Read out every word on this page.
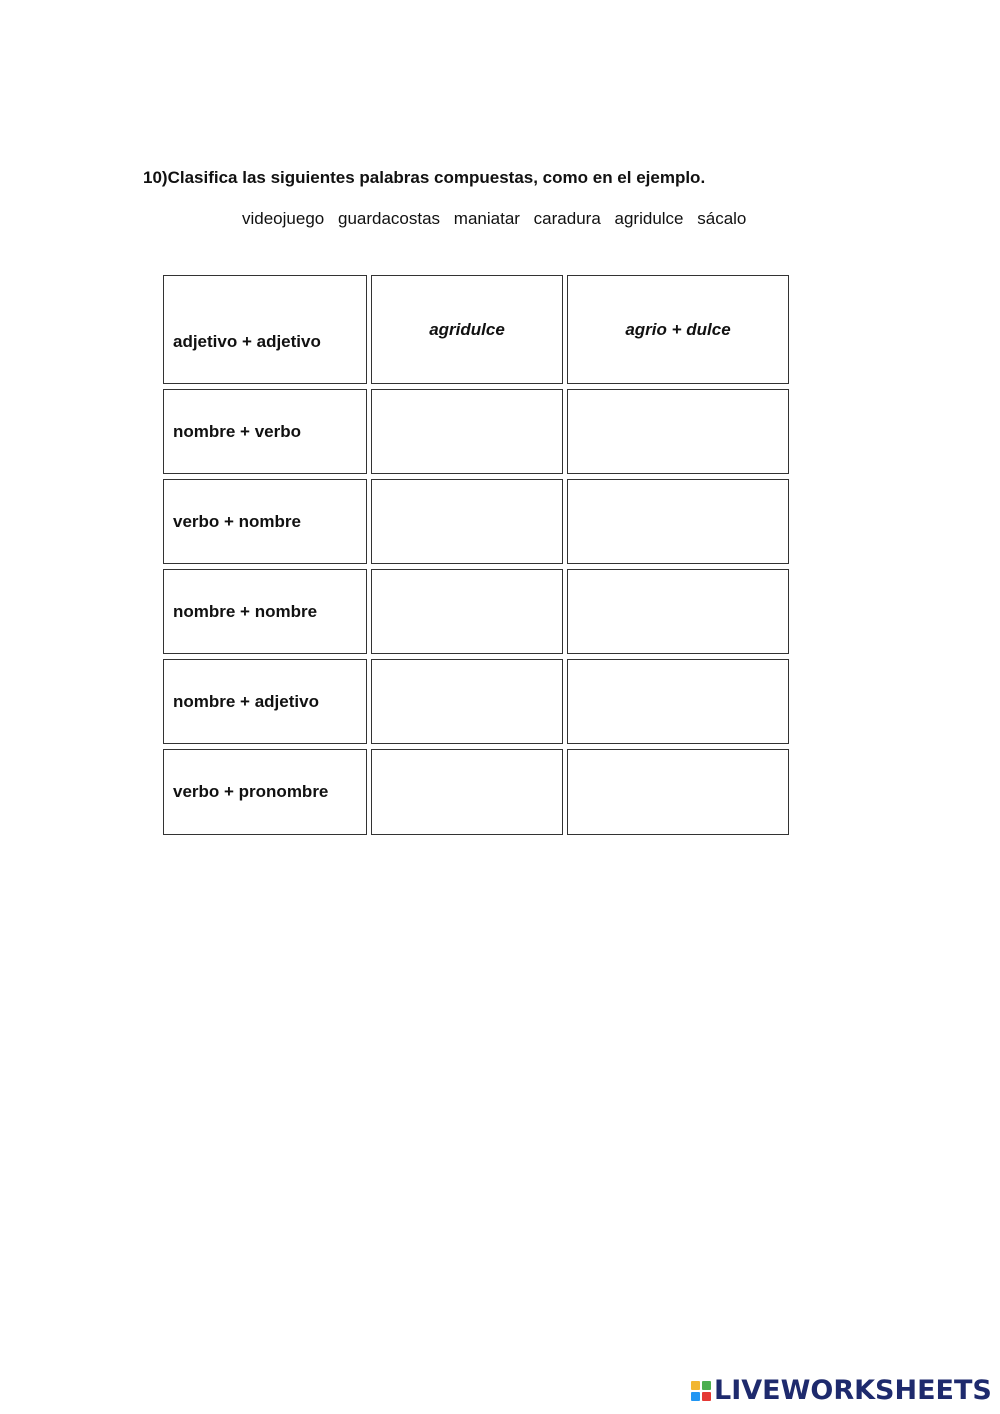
10)Clasifica las siguientes palabras compuestas, como en el ejemplo.

videojuego guardacostas maniatar caradura agridulce sácalo

adjetivo + adjetivo
agridulce	agrio + dulce
nombre + verbo
verbo + nombre
nombre + nombre
nombre + adjetivo
verbo + pronombre
LIVEWORKSHEETS
